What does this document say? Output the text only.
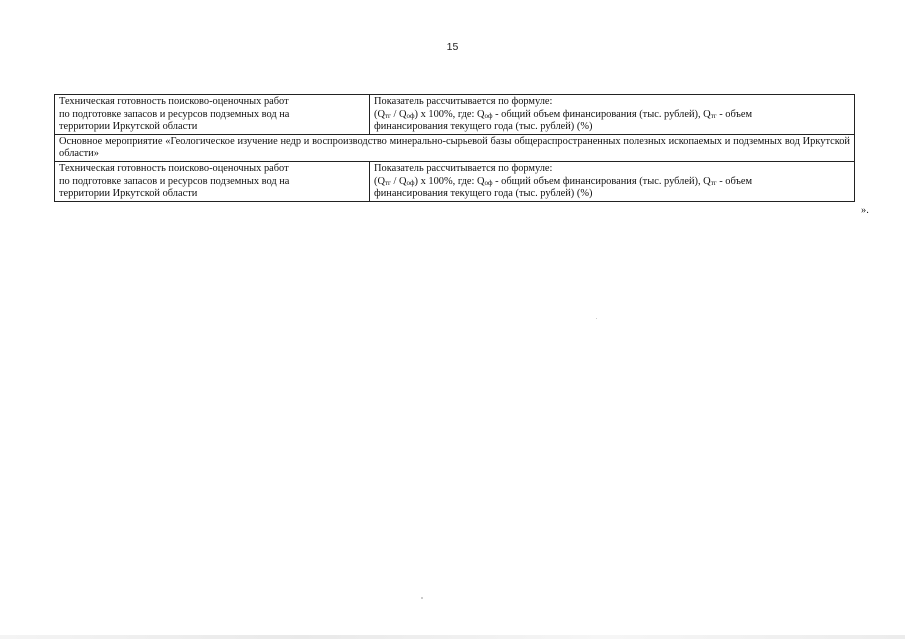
15
Техническая готовность поисково-оценочных работ
по подготовке запасов и ресурсов подземных вод на
территории Иркутской области	Показатель рассчитывается по формуле:
$(Q_{тг} / Q_{оф})$ x 100%, где: $Q_{оф}$ - общий объем финансирования (тыс. рублей), $Q_{тг}$ - объем
финансирования текущего года (тыс. рублей) (%)

Основное мероприятие «Геологическое изучение недр и воспроизводство минерально-сырьевой базы общераспространенных полезных ископаемых и подземных вод Иркутской области»	

Техническая готовность поисково-оценочных работ
по подготовке запасов и ресурсов подземных вод на
территории Иркутской области	Показатель рассчитывается по формуле:
$(Q_{тг} / Q_{оф})$ x 100%, где: $Q_{оф}$ - общий объем финансирования (тыс. рублей), $Q_{тг}$ - объем
финансирования текущего года (тыс. рублей) (%)
».
